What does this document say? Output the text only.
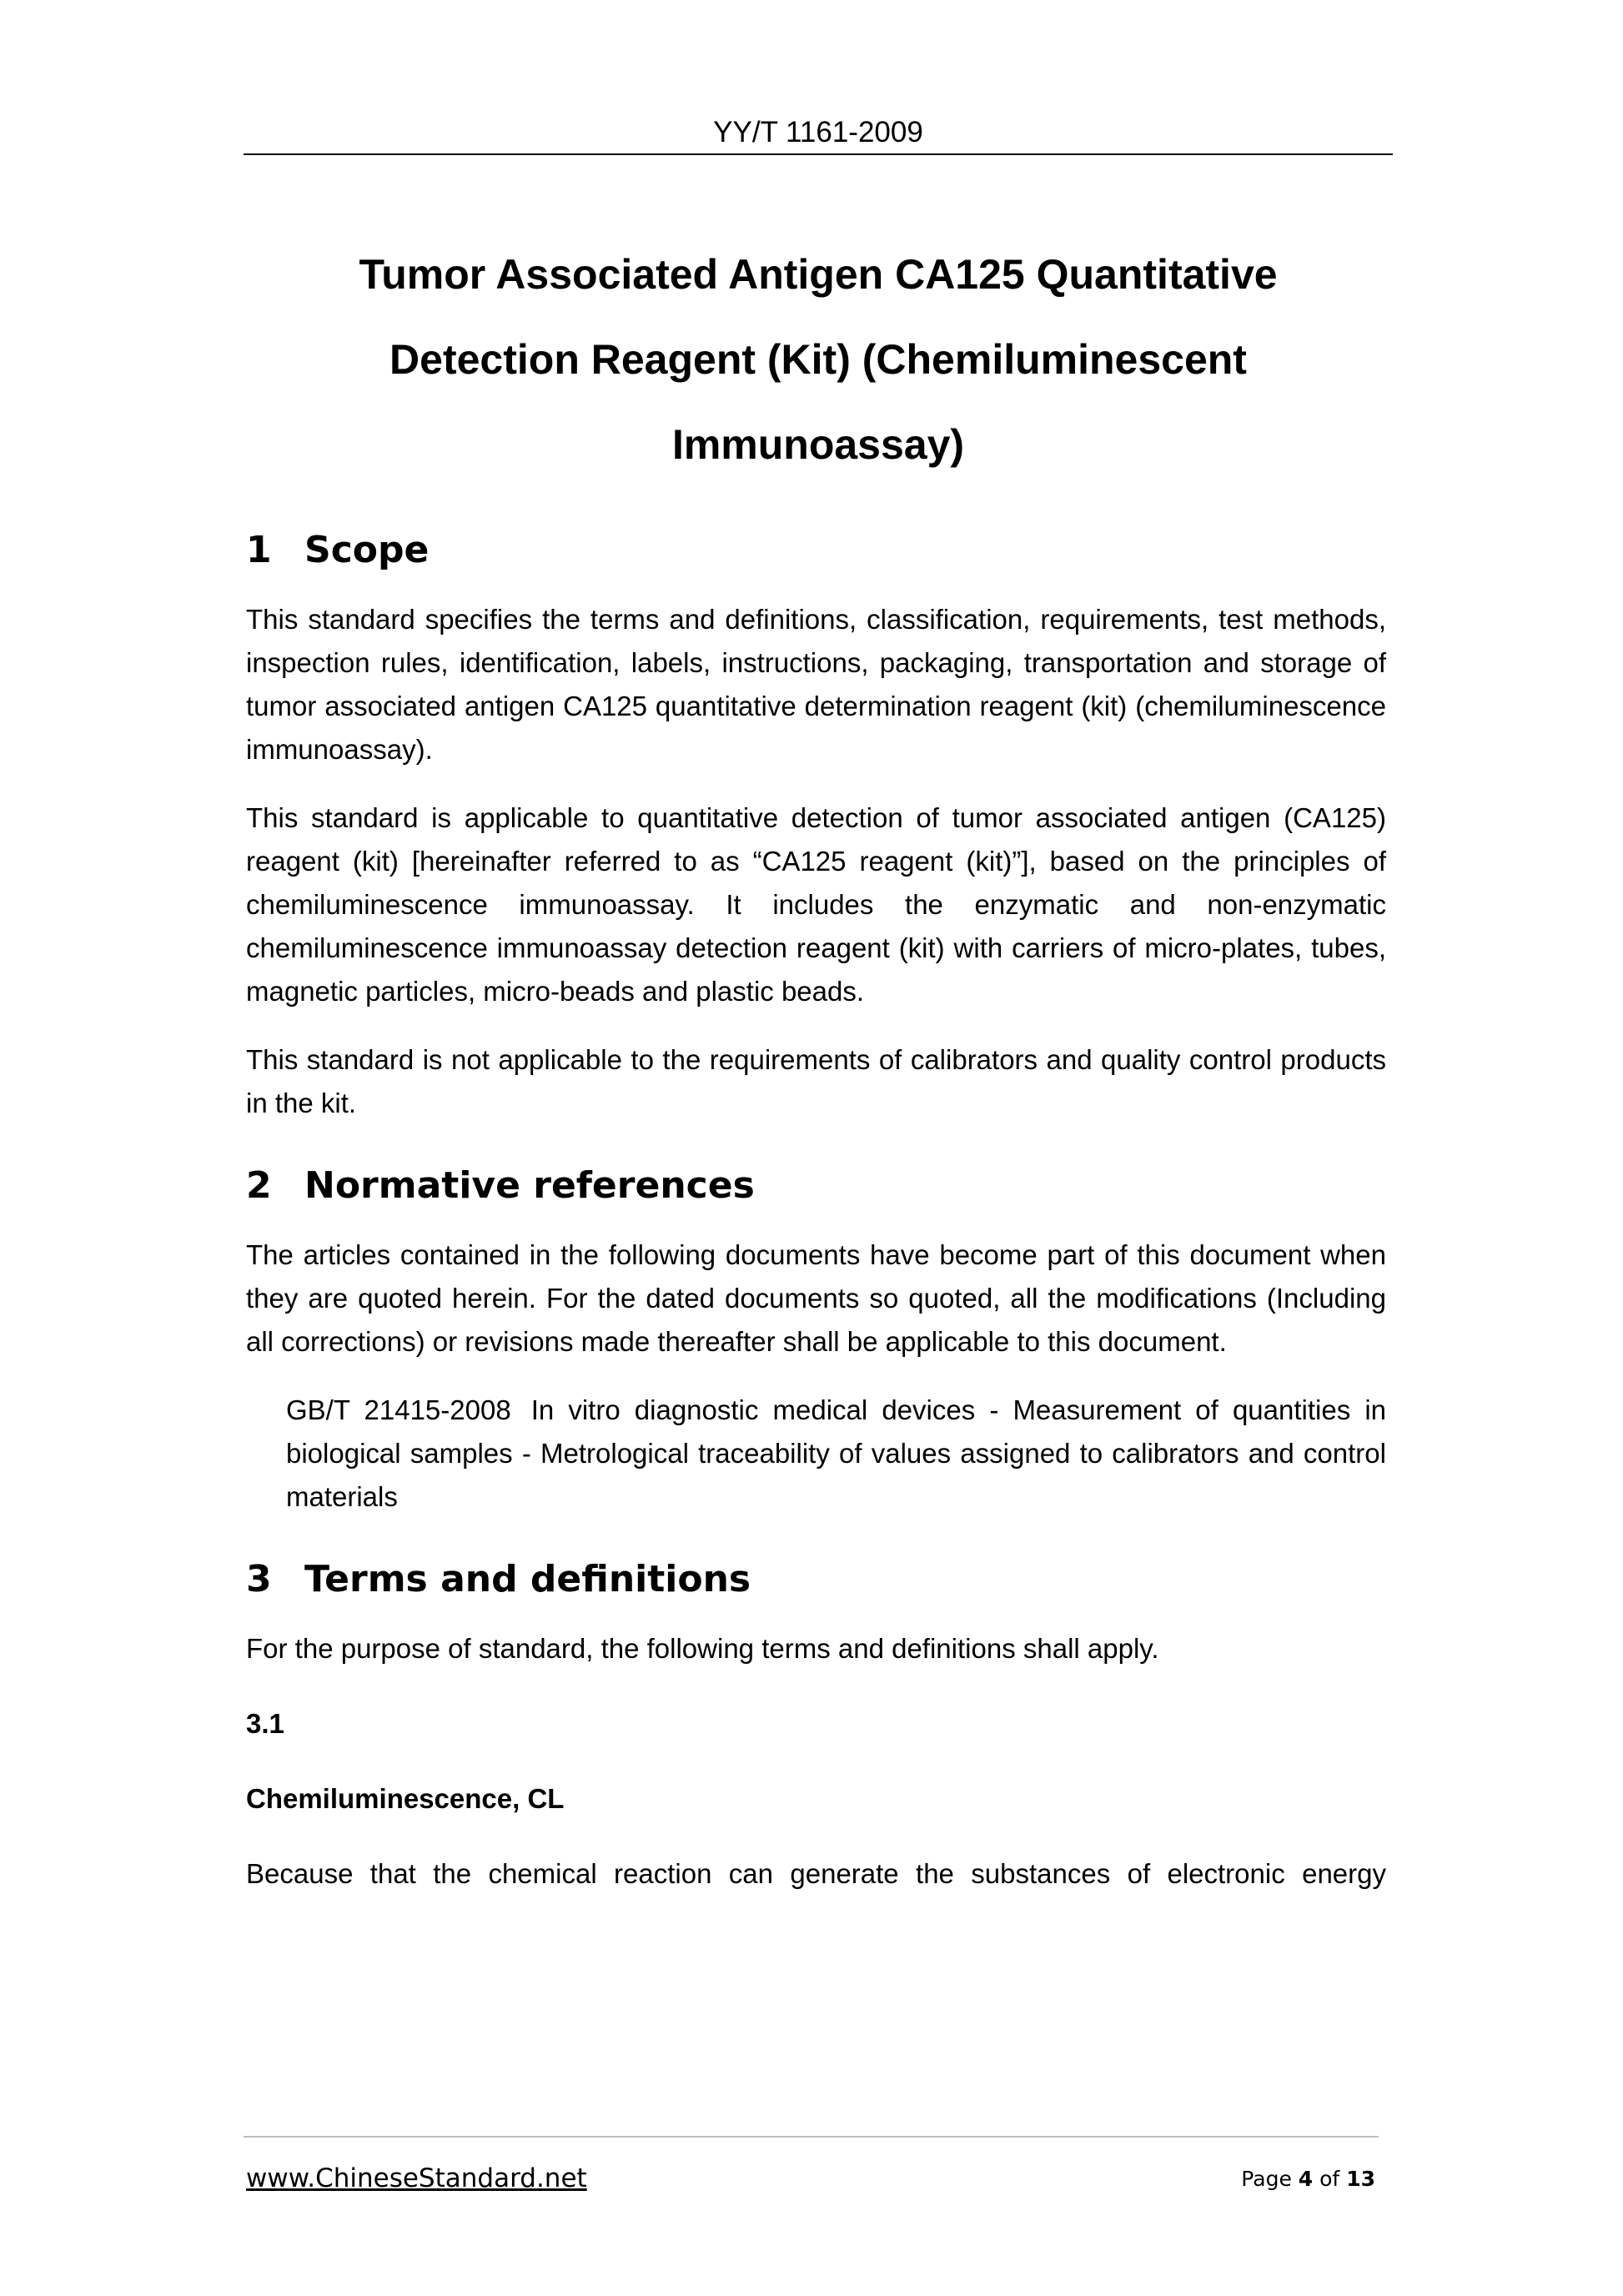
YY/T 1161-2009
Tumor Associated Antigen CA125 Quantitative
Detection Reagent (Kit) (Chemiluminescent
Immunoassay)
1 Scope

This standard specifies the terms and definitions, classification, requirements, test methods, inspection rules, identification, labels, instructions, packaging, transportation and storage of tumor associated antigen CA125 quantitative determination reagent (kit) (chemiluminescence immunoassay).

This standard is applicable to quantitative detection of tumor associated antigen (CA125) reagent (kit) [hereinafter referred to as “CA125 reagent (kit)”], based on the principles of chemiluminescence immunoassay. It includes the enzymatic and non-enzymatic chemiluminescence immunoassay detection reagent (kit) with carriers of micro-plates, tubes, magnetic particles, micro-beads and plastic beads.

This standard is not applicable to the requirements of calibrators and quality control products in the kit.

2 Normative references

The articles contained in the following documents have become part of this document when they are quoted herein. For the dated documents so quoted, all the modifications (Including all corrections) or revisions made thereafter shall be applicable to this document.

GB/T 21415-2008 In vitro diagnostic medical devices - Measurement of quantities in biological samples - Metrological traceability of values assigned to calibrators and control materials

3 Terms and definitions

For the purpose of standard, the following terms and definitions shall apply.

3.1

Chemiluminescence, CL

Because that the chemical reaction can generate the substances of electronic energy

www.ChineseStandard.net	Page 4 of 13
